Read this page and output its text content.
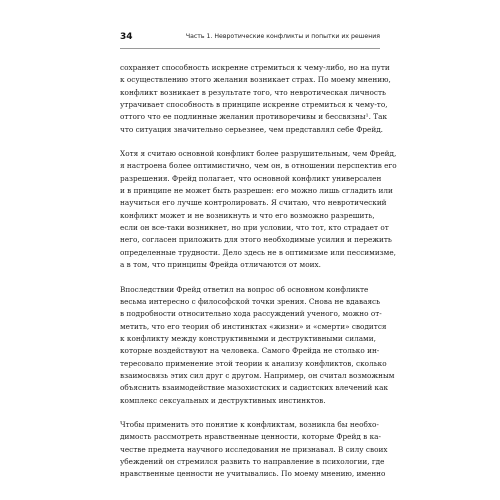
34	Часть 1. Невротические конфликты и попытки их решения
сохраняет способность искренне стремиться к чему-либо, но на пути
к осуществлению этого желания возникает страх. По моему мнению,
конфликт возникает в результате того, что невротическая личность
утрачивает способность в принципе искренне стремиться к чему-то,
оттого что ее подлинные желания противоречивы и бессвязны¹. Так
что ситуация значительно серьезнее, чем представлял себе Фрейд.
Хотя я считаю основной конфликт более разрушительным, чем Фрейд,
я настроена более оптимистично, чем он, в отношении перспектив его
разрешения. Фрейд полагает, что основной конфликт универсален
и в принципе не может быть разрешен: его можно лишь сгладить или
научиться его лучше контролировать. Я считаю, что невротический
конфликт может и не возникнуть и что его возможно разрешить,
если он все-таки возникнет, но при условии, что тот, кто страдает от
него, согласен приложить для этого необходимые усилия и пережить
определенные трудности. Дело здесь не в оптимизме или пессимизме,
а в том, что принципы Фрейда отличаются от моих.
Впоследствии Фрейд ответил на вопрос об основном конфликте
весьма интересно с философской точки зрения. Снова не вдаваясь
в подробности относительно хода рассуждений ученого, можно от-
метить, что его теория об инстинктах «жизни» и «смерти» сводится
к конфликту между конструктивными и деструктивными силами,
которые воздействуют на человека. Самого Фрейда не столько ин-
тересовало применение этой теории к анализу конфликтов, сколько
взаимосвязь этих сил друг с другом. Например, он считал возможным
объяснить взаимодействие мазохистских и садистских влечений как
комплекс сексуальных и деструктивных инстинктов.
Чтобы применить это понятие к конфликтам, возникла бы необхо-
димость рассмотреть нравственные ценности, которые Фрейд в ка-
честве предмета научного исследования не признавал. В силу своих
убеждений он стремился развить то направление в психологии, где
нравственные ценности не учитывались. По моему мнению, именно
